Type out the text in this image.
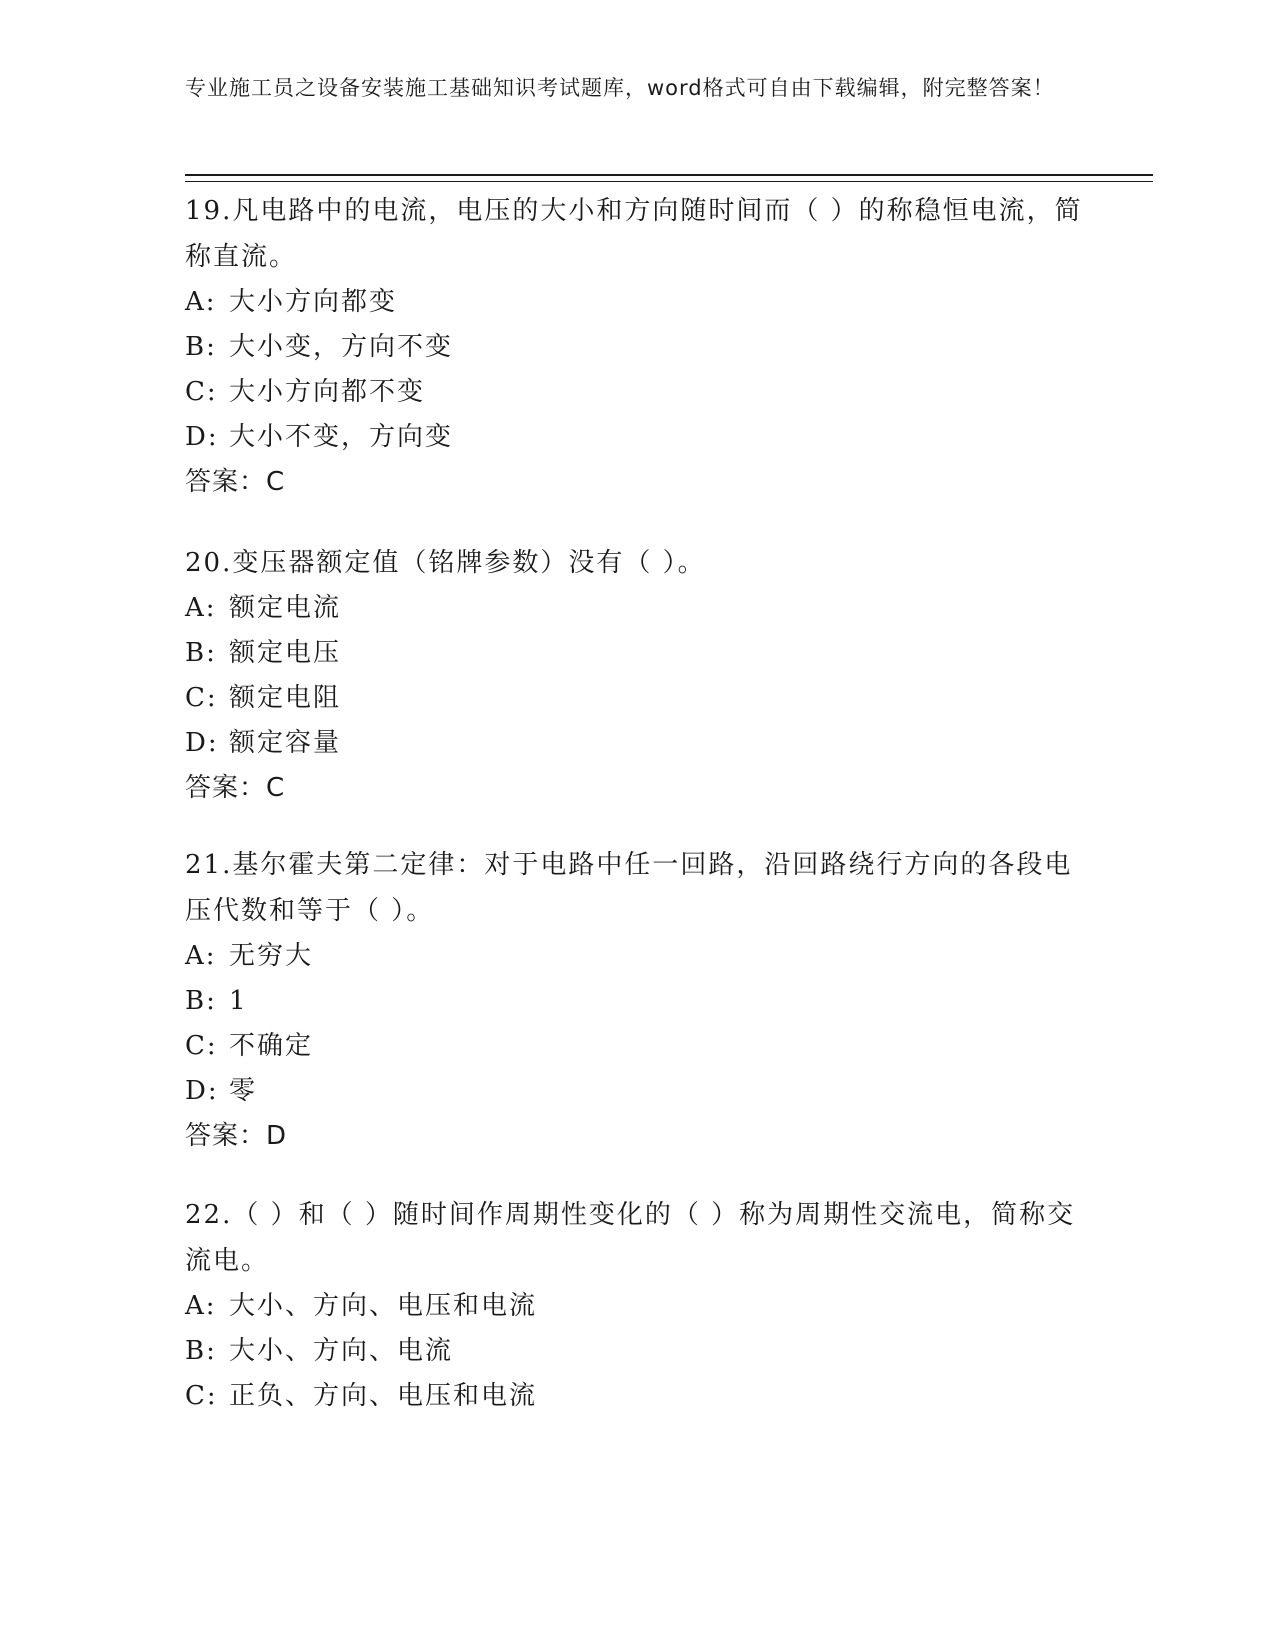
专业施工员之设备安装施工基础知识考试题库，word格式可自由下载编辑，附完整答案！

19.凡电路中的电流，电压的大小和方向随时间而（ ）的称稳恒电流，简称直流。

A: 大小方向都变

B: 大小变，方向不变

C: 大小方向都不变

D: 大小不变，方向变

答案：C

20.变压器额定值（铭牌参数）没有（ ）。

A: 额定电流

B: 额定电压

C: 额定电阻

D: 额定容量

答案：C

21.基尔霍夫第二定律：对于电路中任一回路，沿回路绕行方向的各段电压代数和等于（ ）。

A: 无穷大

B: 1

C: 不确定

D: 零

答案：D

22.（ ）和（ ）随时间作周期性变化的（ ）称为周期性交流电，简称交流电。

A: 大小、方向、电压和电流

B: 大小、方向、电流

C: 正负、方向、电压和电流
